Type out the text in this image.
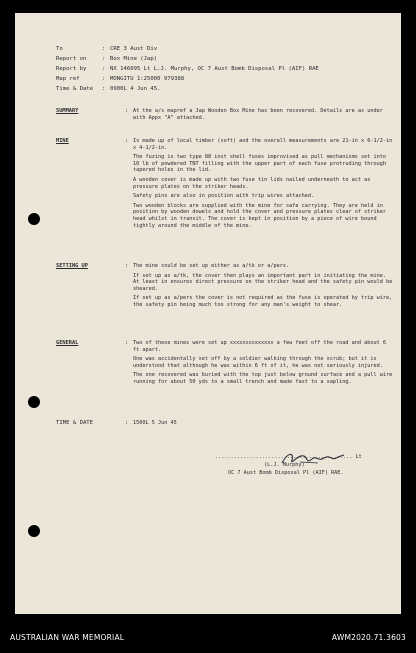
To	: CRE 3 Aust Div
Report on	: Box Mine (Jap)
Report by	: NX 146095 Lt L.J. Murphy, OC 7 Aust Bomb Disposal Pl (AIF) RAE
Map ref	: MONGITU 1:25000 979388
Time & Date : 0900L 4 Jun 45.
SUMMARY	: At the a/s mapref a Jap Wooden Box Mine has been recovered. Details are as under with Appx "A" attached.

MINE	: Is made up of local timber (soft) and the overall measurements are 21-in x 6-1/2-in x 4-1/2-in.

The fuzing is two type 88 inst shell fuses improvised as pull mechanisms set into 10 lb of powdered TNT filling with the upper part of each fuse protruding through tapered holes in the lid.

A wooden cover is made up with two fuse tin lids nailed underneath to act as pressure plates on the striker heads.

Safety pins are also in position with trip wires attached.

Two wooden blocks are supplied with the mine for safe carrying. They are held in position by wooden dowels and hold the cover and pressure plates clear of striker head whilst in transit. The cover is kept in position by a piece of wire bound tightly around the middle of the mine.

SETTING UP	: The mine could be set up either as a/tk or a/pers.

If set up as a/tk, the cover then plays an important part in initiating the mine. At least in ensures direct pressure on the striker head and the safety pin would be sheared.

If set up as a/pers the cover is not required as the fuse is operated by trip wire, the safety pin being much too strong for any man's weight to shear.

GENERAL	: Two of these mines were set up xxxxxxxxxxxxxx a few feet off the road and about 6 ft apart.

One was accidentally set off by a soldier walking through the scrub; but it is understood that although he was within 6 ft of it, he was not seriously injured.

The one recovered was buried with the top just below ground surface and a pull wire running for about 50 yds to a small trench and made fast to a sapling.

TIME & DATE	: 1500L 5 Jun 45
............................................ Lt
(L.J. Murphy)
OC 7 Aust Bomb Disposal Pl (AIF) RAE.
AUSTRALIAN WAR MEMORIAL	AWM2020.71.3603
